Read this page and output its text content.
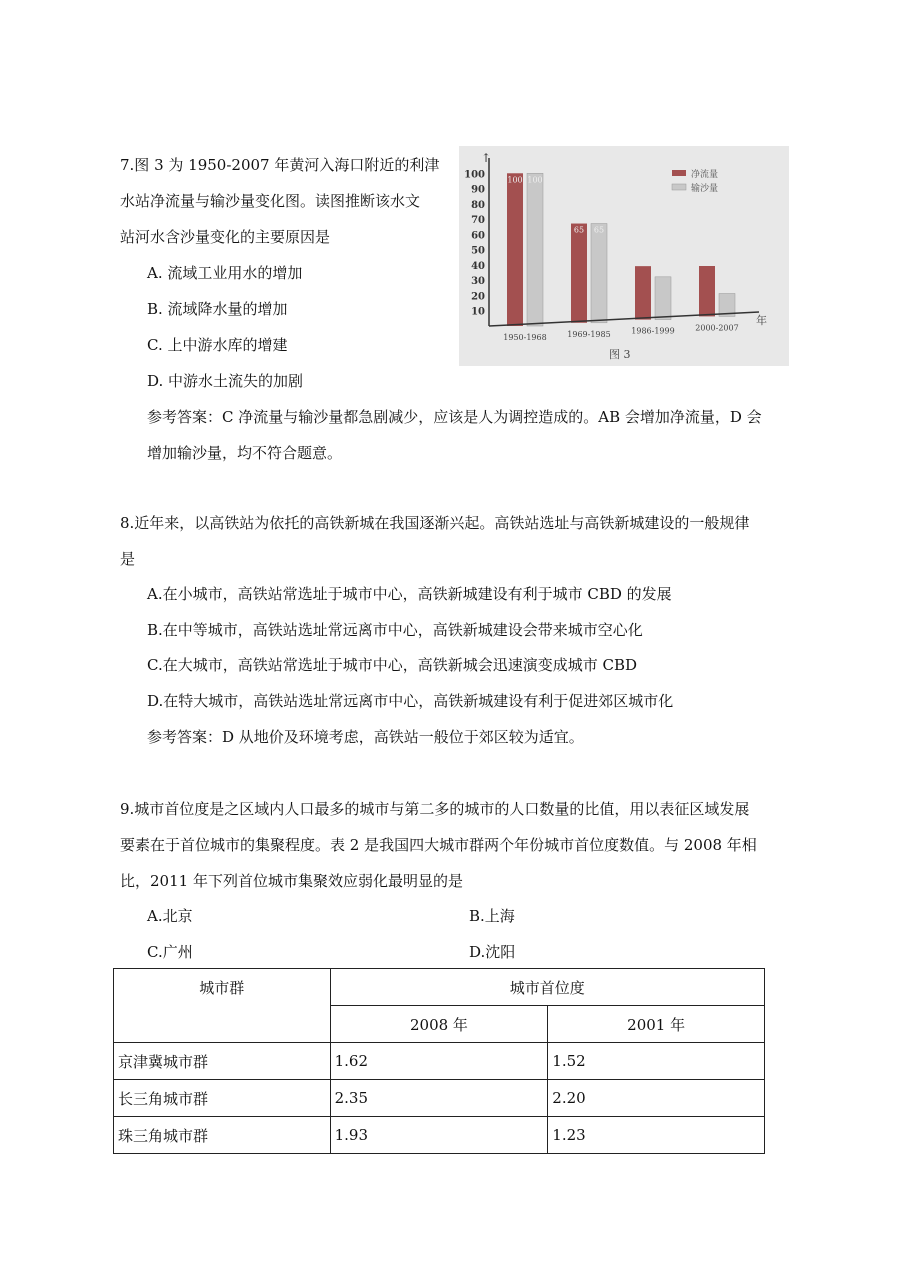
7.图 3 为 1950-2007 年黄河入海口附近的利津
水站净流量与输沙量变化图。读图推断该水文
站河水含沙量变化的主要原因是
A. 流域工业用水的增加
B. 流域降水量的增加
C. 上中游水库的增建
D. 中游水土流失的加剧
参考答案：C 净流量与输沙量都急剧减少，应该是人为调控造成的。AB 会增加净流量，D 会
增加输沙量，均不符合题意。
10
20
30
40
50
60
70
80
90
100	100 100
65 65
1950-1968	1969-1985	1986-1999	2000-2007
↑
年
净流量
输沙量
图 3
8.近年来，以高铁站为依托的高铁新城在我国逐渐兴起。高铁站选址与高铁新城建设的一般规律
是
A.在小城市，高铁站常选址于城市中心，高铁新城建设有利于城市 CBD 的发展
B.在中等城市，高铁站选址常远离市中心，高铁新城建设会带来城市空心化
C.在大城市，高铁站常选址于城市中心，高铁新城会迅速演变成城市 CBD
D.在特大城市，高铁站选址常远离市中心，高铁新城建设有利于促进郊区城市化
参考答案：D 从地价及环境考虑，高铁站一般位于郊区较为适宜。
9.城市首位度是之区域内人口最多的城市与第二多的城市的人口数量的比值，用以表征区域发展
要素在于首位城市的集聚程度。表 2 是我国四大城市群两个年份城市首位度数值。与 2008 年相
比，2011 年下列首位城市集聚效应弱化最明显的是
A.北京	B.上海
C.广州	D.沈阳
城市群	城市首位度	
	2008 年	2001 年
京津冀城市群	1.62	1.52
长三角城市群	2.35	2.20
珠三角城市群	1.93	1.23
